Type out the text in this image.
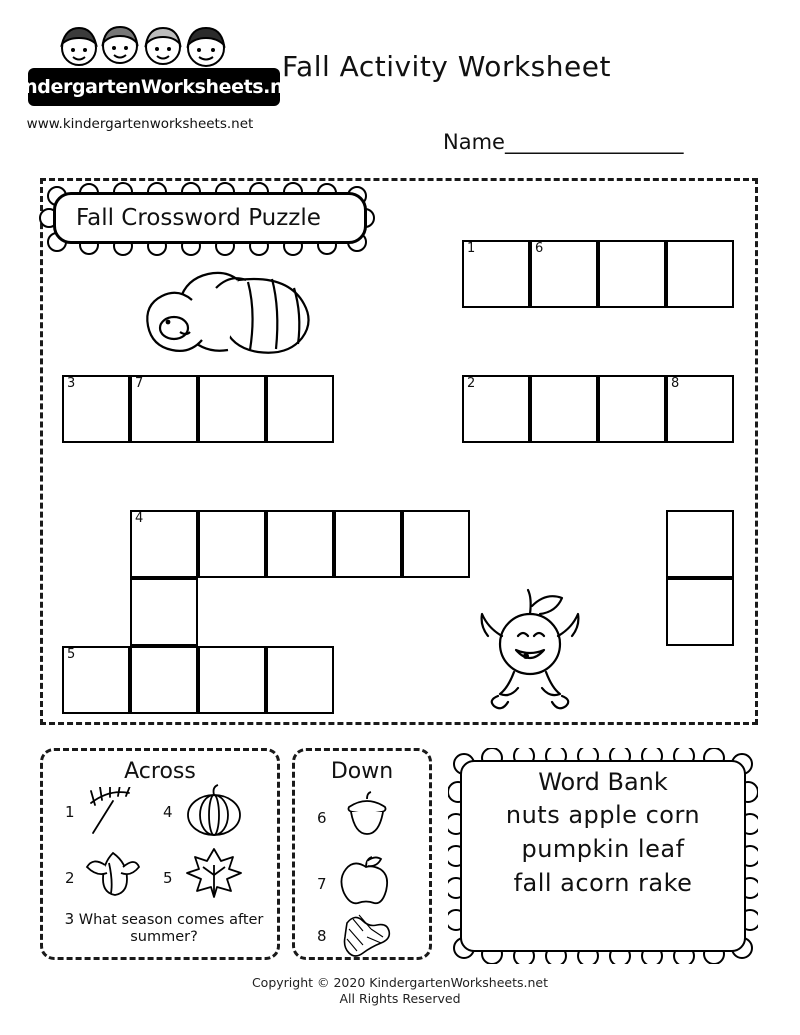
KindergartenWorksheets.net
www.kindergartenworksheets.net
Fall Activity Worksheet
Name_________________
Fall Crossword Puzzle
1	6
3	7	2	8
4
5
Across
1	4
2	5
3 What season comes after summer?
Down
6
7
8
Word Bank
nuts apple corn
pumpkin leaf
fall acorn rake
Copyright © 2020 KindergartenWorksheets.net
All Rights Reserved
